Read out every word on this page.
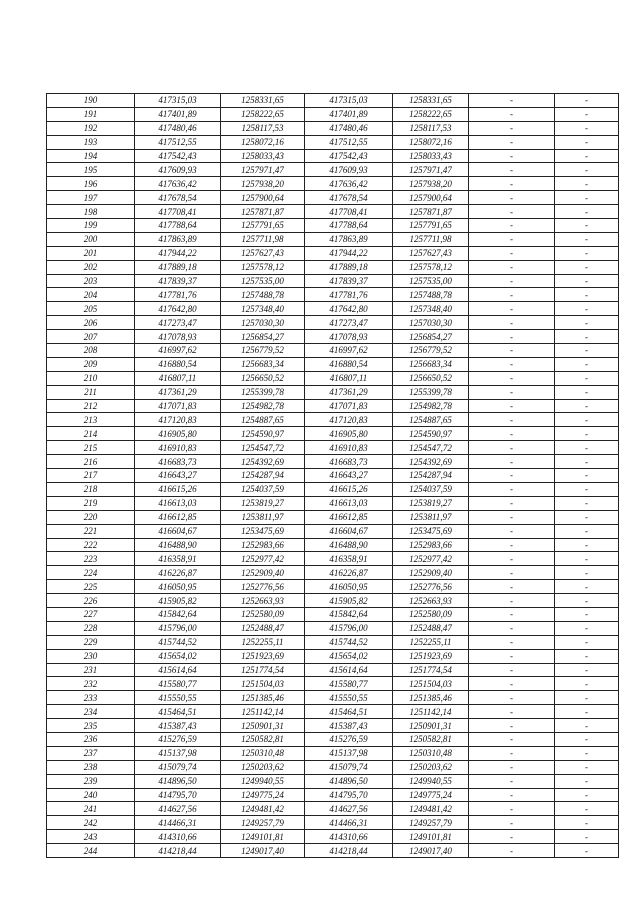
190	417315,03	1258331,65	417315,03	1258331,65	-	-
191	417401,89	1258222,65	417401,89	1258222,65	-	-
192	417480,46	1258117,53	417480,46	1258117,53	-	-
193	417512,55	1258072,16	417512,55	1258072,16	-	-
194	417542,43	1258033,43	417542,43	1258033,43	-	-
195	417609,93	1257971,47	417609,93	1257971,47	-	-
196	417636,42	1257938,20	417636,42	1257938,20	-	-
197	417678,54	1257900,64	417678,54	1257900,64	-	-
198	417708,41	1257871,87	417708,41	1257871,87	-	-
199	417788,64	1257791,65	417788,64	1257791,65	-	-
200	417863,89	1257711,98	417863,89	1257711,98	-	-
201	417944,22	1257627,43	417944,22	1257627,43	-	-
202	417889,18	1257578,12	417889,18	1257578,12	-	-
203	417839,37	1257535,00	417839,37	1257535,00	-	-
204	417781,76	1257488,78	417781,76	1257488,78	-	-
205	417642,80	1257348,40	417642,80	1257348,40	-	-
206	417273,47	1257030,30	417273,47	1257030,30	-	-
207	417078,93	1256854,27	417078,93	1256854,27	-	-
208	416997,62	1256779,52	416997,62	1256779,52	-	-
209	416880,54	1256683,34	416880,54	1256683,34	-	-
210	416807,11	1256650,52	416807,11	1256650,52	-	-
211	417361,29	1255399,78	417361,29	1255399,78	-	-
212	417071,83	1254982,78	417071,83	1254982,78	-	-
213	417120,83	1254887,65	417120,83	1254887,65	-	-
214	416905,80	1254590,97	416905,80	1254590,97	-	-
215	416910,83	1254547,72	416910,83	1254547,72	-	-
216	416683,73	1254392,69	416683,73	1254392,69	-	-
217	416643,27	1254287,94	416643,27	1254287,94	-	-
218	416615,26	1254037,59	416615,26	1254037,59	-	-
219	416613,03	1253819,27	416613,03	1253819,27	-	-
220	416612,85	1253811,97	416612,85	1253811,97	-	-
221	416604,67	1253475,69	416604,67	1253475,69	-	-
222	416488,90	1252983,66	416488,90	1252983,66	-	-
223	416358,91	1252977,42	416358,91	1252977,42	-	-
224	416226,87	1252909,40	416226,87	1252909,40	-	-
225	416050,95	1252776,56	416050,95	1252776,56	-	-
226	415905,82	1252663,93	415905,82	1252663,93	-	-
227	415842,64	1252580,09	415842,64	1252580,09	-	-
228	415796,00	1252488,47	415796,00	1252488,47	-	-
229	415744,52	1252255,11	415744,52	1252255,11	-	-
230	415654,02	1251923,69	415654,02	1251923,69	-	-
231	415614,64	1251774,54	415614,64	1251774,54	-	-
232	415580,77	1251504,03	415580,77	1251504,03	-	-
233	415550,55	1251385,46	415550,55	1251385,46	-	-
234	415464,51	1251142,14	415464,51	1251142,14	-	-
235	415387,43	1250901,31	415387,43	1250901,31	-	-
236	415276,59	1250582,81	415276,59	1250582,81	-	-
237	415137,98	1250310,48	415137,98	1250310,48	-	-
238	415079,74	1250203,62	415079,74	1250203,62	-	-
239	414896,50	1249940,55	414896,50	1249940,55	-	-
240	414795,70	1249775,24	414795,70	1249775,24	-	-
241	414627,56	1249481,42	414627,56	1249481,42	-	-
242	414466,31	1249257,79	414466,31	1249257,79	-	-
243	414310,66	1249101,81	414310,66	1249101,81	-	-
244	414218,44	1249017,40	414218,44	1249017,40	-	-
